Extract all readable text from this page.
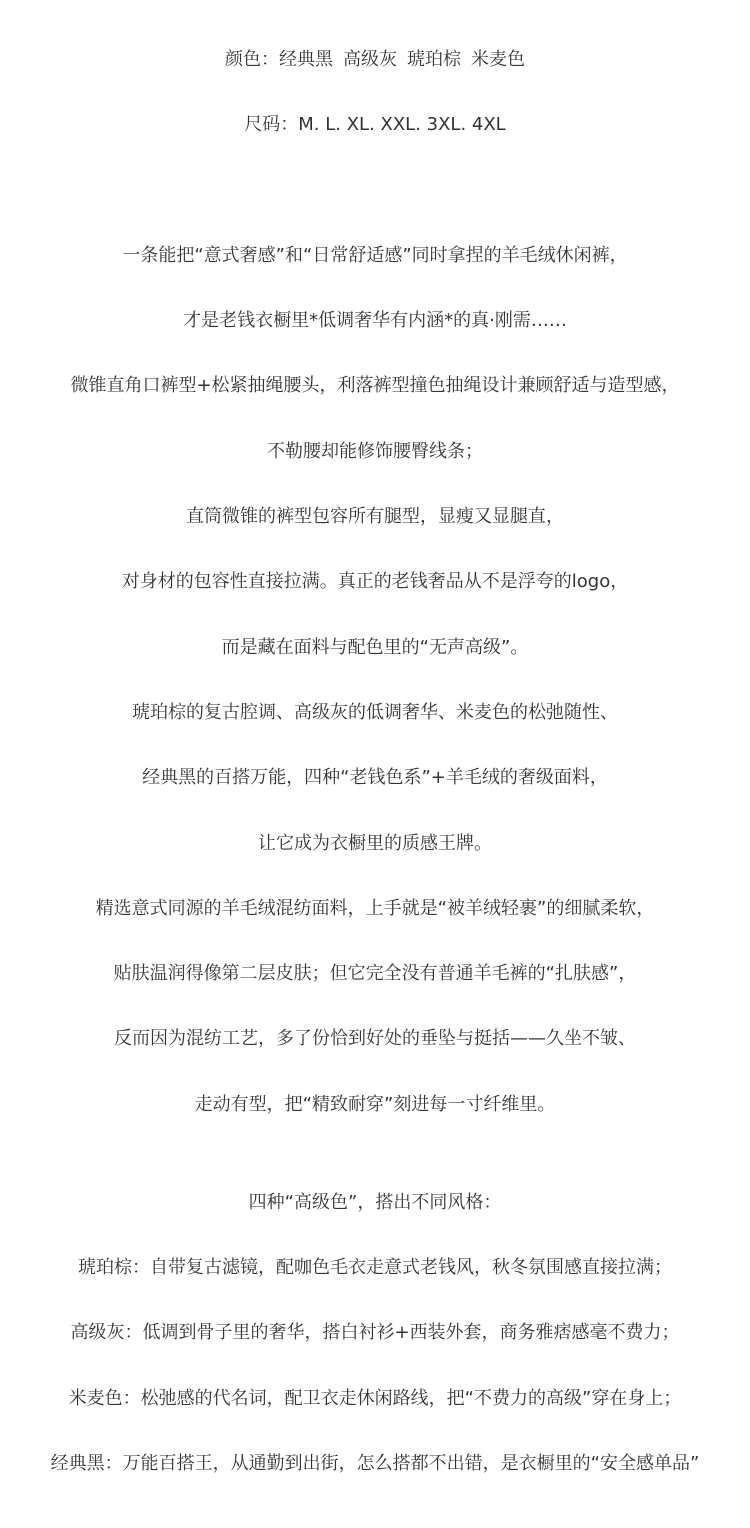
颜色：经典黑 高级灰 琥珀棕 米麦色
尺码：M. L. XL. XXL. 3XL. 4XL
一条能把“意式奢感”和“日常舒适感”同时拿捏的羊毛绒休闲裤，
才是老钱衣橱里*低调奢华有内涵*的真·刚需……
微锥直角口裤型+松紧抽绳腰头，利落裤型撞色抽绳设计兼顾舒适与造型感，
不勒腰却能修饰腰臀线条；
直筒微锥的裤型包容所有腿型，显瘦又显腿直，
对身材的包容性直接拉满。真正的老钱奢品从不是浮夸的logo，
而是藏在面料与配色里的“无声高级”。
琥珀棕的复古腔调、高级灰的低调奢华、米麦色的松弛随性、
经典黑的百搭万能，四种“老钱色系”+羊毛绒的奢级面料，
让它成为衣橱里的质感王牌。
精选意式同源的羊毛绒混纺面料，上手就是“被羊绒轻裹”的细腻柔软，
贴肤温润得像第二层皮肤；但它完全没有普通羊毛裤的“扎肤感”，
反而因为混纺工艺，多了份恰到好处的垂坠与挺括——久坐不皱、
走动有型，把“精致耐穿”刻进每一寸纤维里。
四种“高级色”，搭出不同风格：
琥珀棕：自带复古滤镜，配咖色毛衣走意式老钱风，秋冬氛围感直接拉满；
高级灰：低调到骨子里的奢华，搭白衬衫+西装外套，商务雅痞感毫不费力；
米麦色：松弛感的代名词，配卫衣走休闲路线，把“不费力的高级”穿在身上；
经典黑：万能百搭王，从通勤到出街，怎么搭都不出错，是衣橱里的“安全感单品”
